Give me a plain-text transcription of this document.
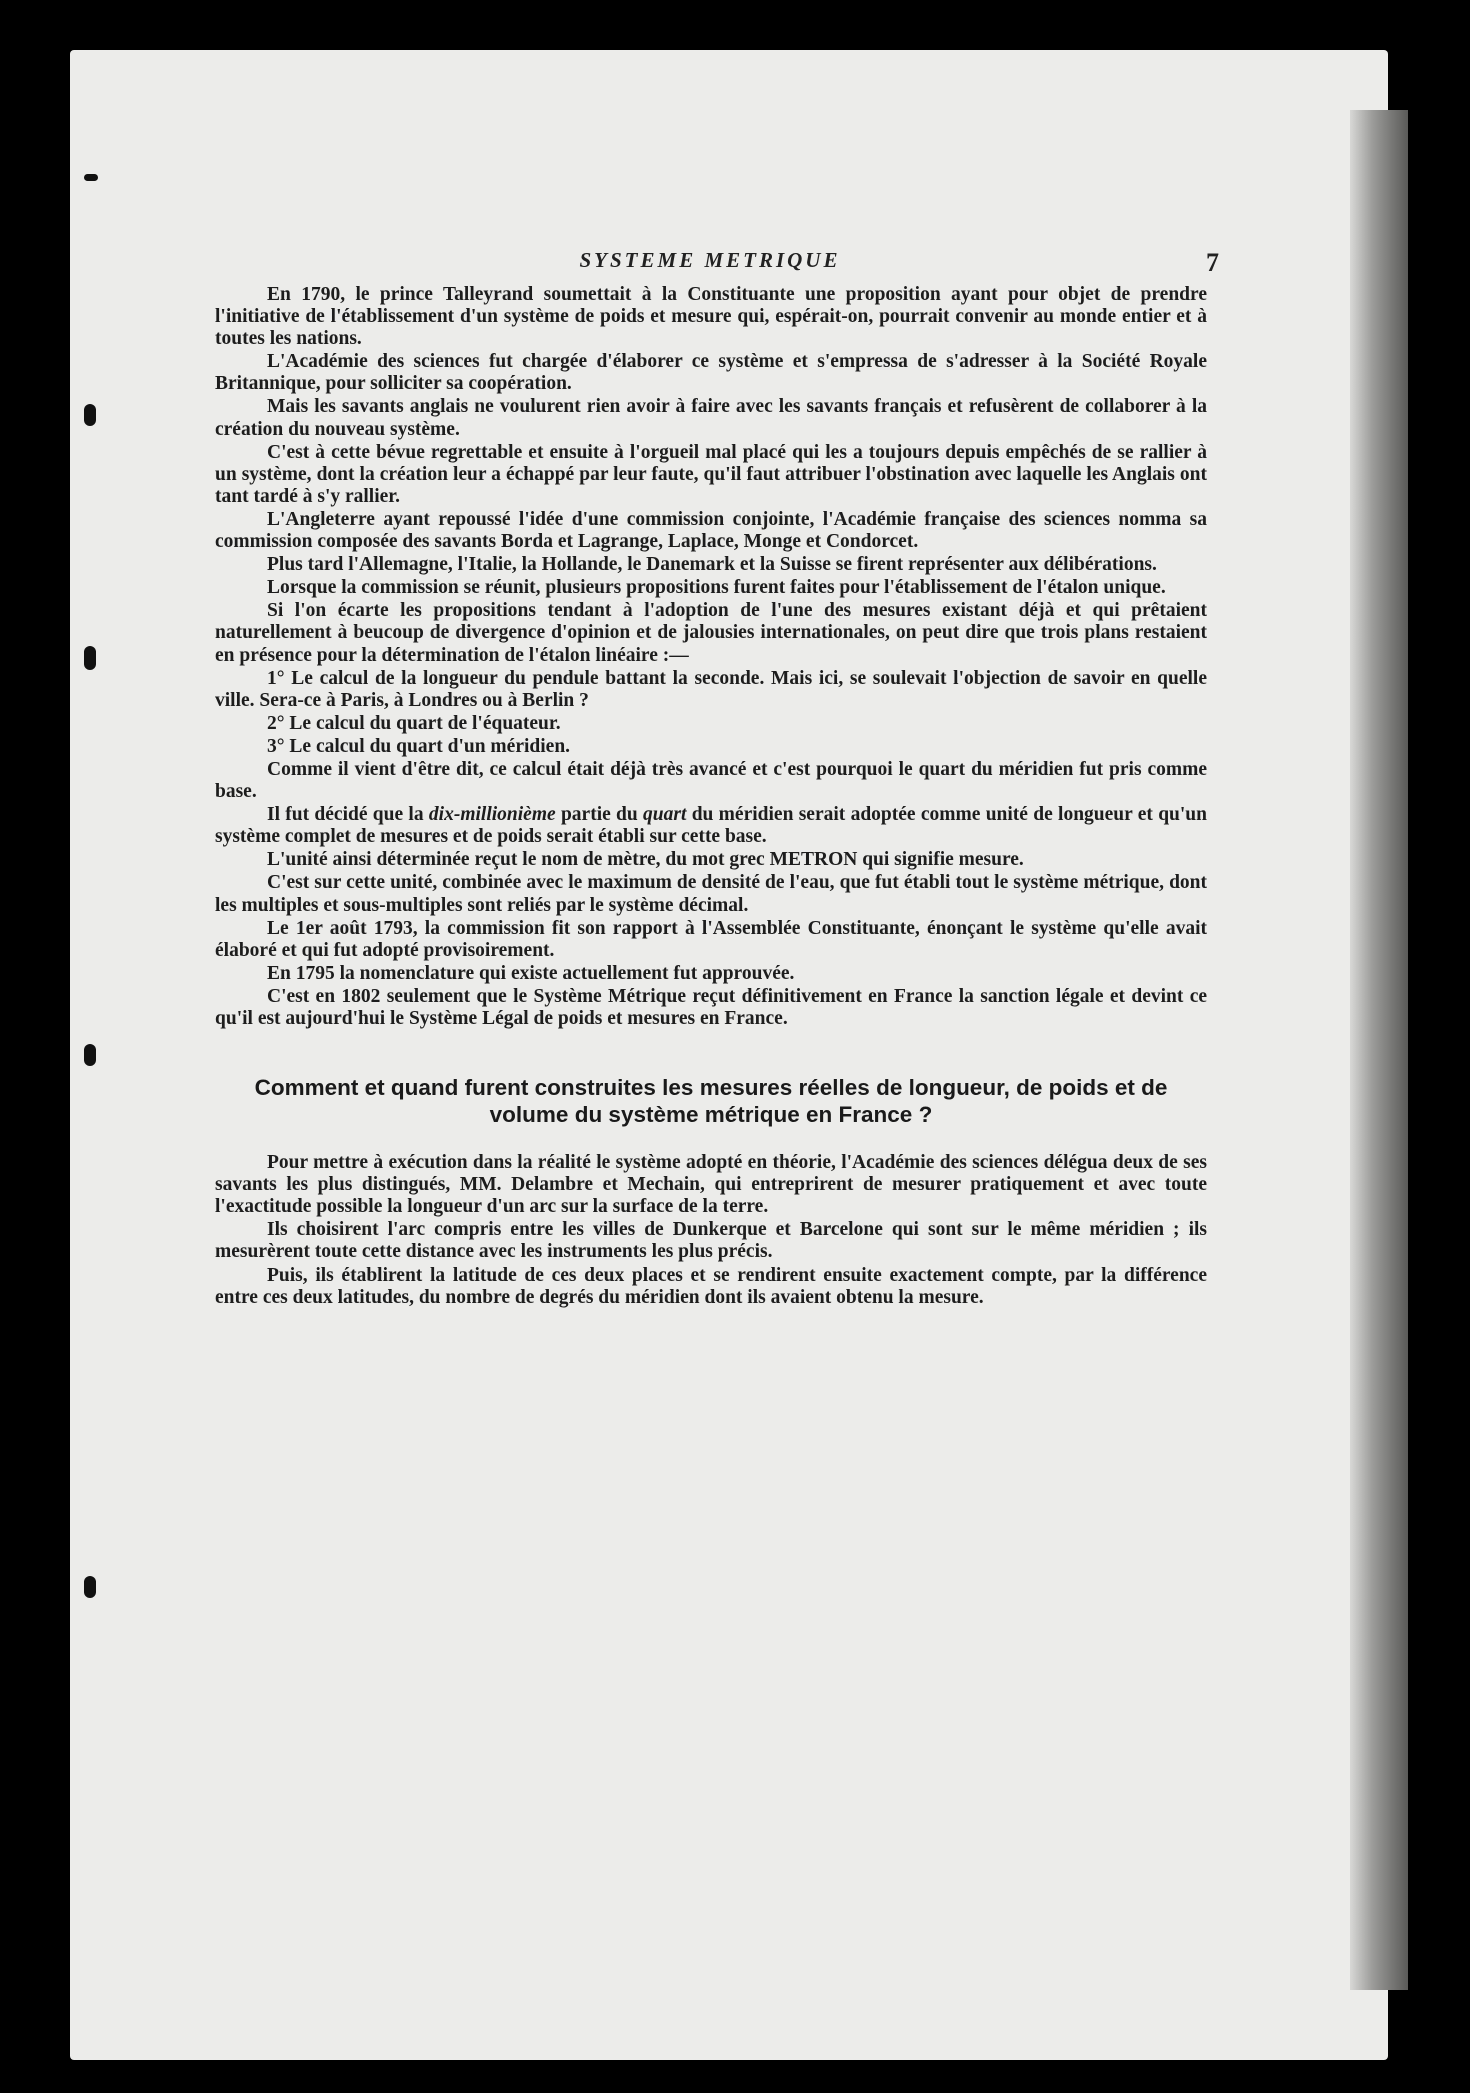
SYSTEME METRIQUE	7

En 1790, le prince Talleyrand soumettait à la Constituante une proposition ayant pour objet de prendre l'initiative de l'établissement d'un système de poids et mesure qui, espérait-on, pourrait convenir au monde entier et à toutes les nations.

L'Académie des sciences fut chargée d'élaborer ce système et s'empressa de s'adresser à la Société Royale Britannique, pour solliciter sa coopération.

Mais les savants anglais ne voulurent rien avoir à faire avec les savants français et refusèrent de collaborer à la création du nouveau système.

C'est à cette bévue regrettable et ensuite à l'orgueil mal placé qui les a toujours depuis empêchés de se rallier à un système, dont la création leur a échappé par leur faute, qu'il faut attribuer l'obstination avec laquelle les Anglais ont tant tardé à s'y rallier.

L'Angleterre ayant repoussé l'idée d'une commission conjointe, l'Académie française des sciences nomma sa commission composée des savants Borda et Lagrange, Laplace, Monge et Condorcet.

Plus tard l'Allemagne, l'Italie, la Hollande, le Danemark et la Suisse se firent représenter aux délibérations.

Lorsque la commission se réunit, plusieurs propositions furent faites pour l'établissement de l'étalon unique.

Si l'on écarte les propositions tendant à l'adoption de l'une des mesures existant déjà et qui prêtaient naturellement à beucoup de divergence d'opinion et de jalousies internationales, on peut dire que trois plans restaient en présence pour la détermination de l'étalon linéaire :—

1° Le calcul de la longueur du pendule battant la seconde. Mais ici, se soulevait l'objection de savoir en quelle ville. Sera-ce à Paris, à Londres ou à Berlin ?

2° Le calcul du quart de l'équateur.

3° Le calcul du quart d'un méridien.

Comme il vient d'être dit, ce calcul était déjà très avancé et c'est pourquoi le quart du méridien fut pris comme base.

Il fut décidé que la dix-millionième partie du quart du méridien serait adoptée comme unité de longueur et qu'un système complet de mesures et de poids serait établi sur cette base.

L'unité ainsi déterminée reçut le nom de mètre, du mot grec METRON qui signifie mesure.

C'est sur cette unité, combinée avec le maximum de densité de l'eau, que fut établi tout le système métrique, dont les multiples et sous-multiples sont reliés par le système décimal.

Le 1er août 1793, la commission fit son rapport à l'Assemblée Constituante, énonçant le système qu'elle avait élaboré et qui fut adopté provisoirement.

En 1795 la nomenclature qui existe actuellement fut approuvée.

C'est en 1802 seulement que le Système Métrique reçut définitivement en France la sanction légale et devint ce qu'il est aujourd'hui le Système Légal de poids et mesures en France.

Comment et quand furent construites les mesures réelles de longueur, de poids et de volume du système métrique en France ?

Pour mettre à exécution dans la réalité le système adopté en théorie, l'Académie des sciences délégua deux de ses savants les plus distingués, MM. Delambre et Mechain, qui entreprirent de mesurer pratiquement et avec toute l'exactitude possible la longueur d'un arc sur la surface de la terre.

Ils choisirent l'arc compris entre les villes de Dunkerque et Barcelone qui sont sur le même méridien ; ils mesurèrent toute cette distance avec les instruments les plus précis.

Puis, ils établirent la latitude de ces deux places et se rendirent ensuite exactement compte, par la différence entre ces deux latitudes, du nombre de degrés du méridien dont ils avaient obtenu la mesure.
